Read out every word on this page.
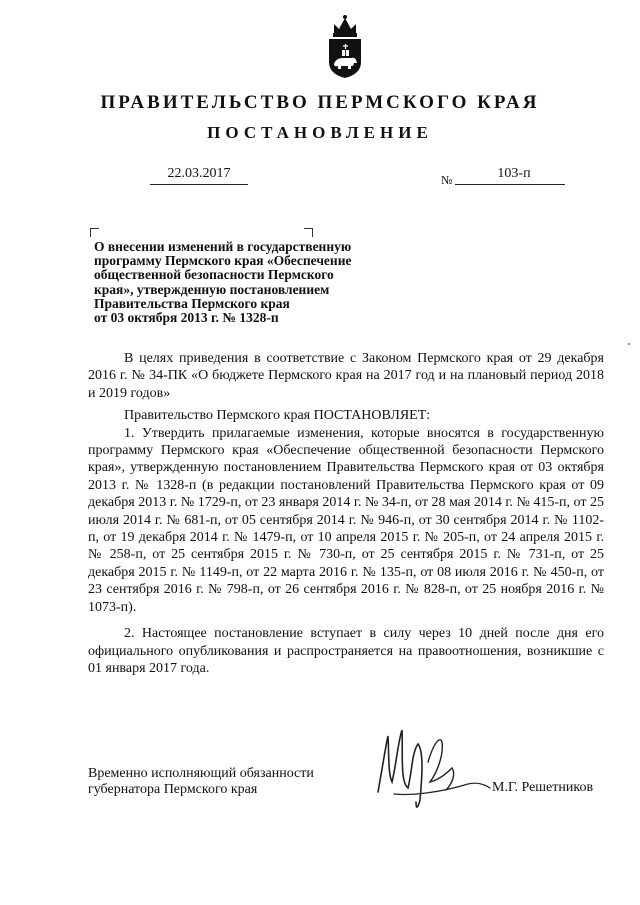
ПРАВИТЕЛЬСТВО ПЕРМСКОГО КРАЯ
ПОСТАНОВЛЕНИЕ
22.03.2017	№	103-п
О внесении изменений в государственную
программу Пермского края «Обеспечение
общественной безопасности Пермского
края», утвержденную постановлением
Правительства Пермского края
от 03 октября 2013 г. № 1328-п

В целях приведения в соответствие с Законом Пермского края от 29 декабря 2016 г. № 34-ПК «О бюджете Пермского края на 2017 год и на плановый период 2018 и 2019 годов»

Правительство Пермского края ПОСТАНОВЛЯЕТ:

1. Утвердить прилагаемые изменения, которые вносятся в государственную программу Пермского края «Обеспечение общественной безопасности Пермского края», утвержденную постановлением Правительства Пермского края от 03 октября 2013 г. № 1328-п (в редакции постановлений Правительства Пермского края от 09 декабря 2013 г. № 1729-п, от 23 января 2014 г. № 34-п, от 28 мая 2014 г. № 415-п, от 25 июля 2014 г. № 681-п, от 05 сентября 2014 г. № 946-п, от 30 сентября 2014 г. № 1102-п, от 19 декабря 2014 г. № 1479-п, от 10 апреля 2015 г. № 205-п, от 24 апреля 2015 г. № 258-п, от 25 сентября 2015 г. № 730-п, от 25 сентября 2015 г. № 731-п, от 25 декабря 2015 г. № 1149-п, от 22 марта 2016 г. № 135-п, от 08 июля 2016 г. № 450-п, от 23 сентября 2016 г. № 798-п, от 26 сентября 2016 г. № 828-п, от 25 ноября 2016 г. № 1073-п).

2. Настоящее постановление вступает в силу через 10 дней после дня его официального опубликования и распространяется на правоотношения, возникшие с 01 января 2017 года.

Временно исполняющий обязанности
губернатора Пермского края	М.Г. Решетников
